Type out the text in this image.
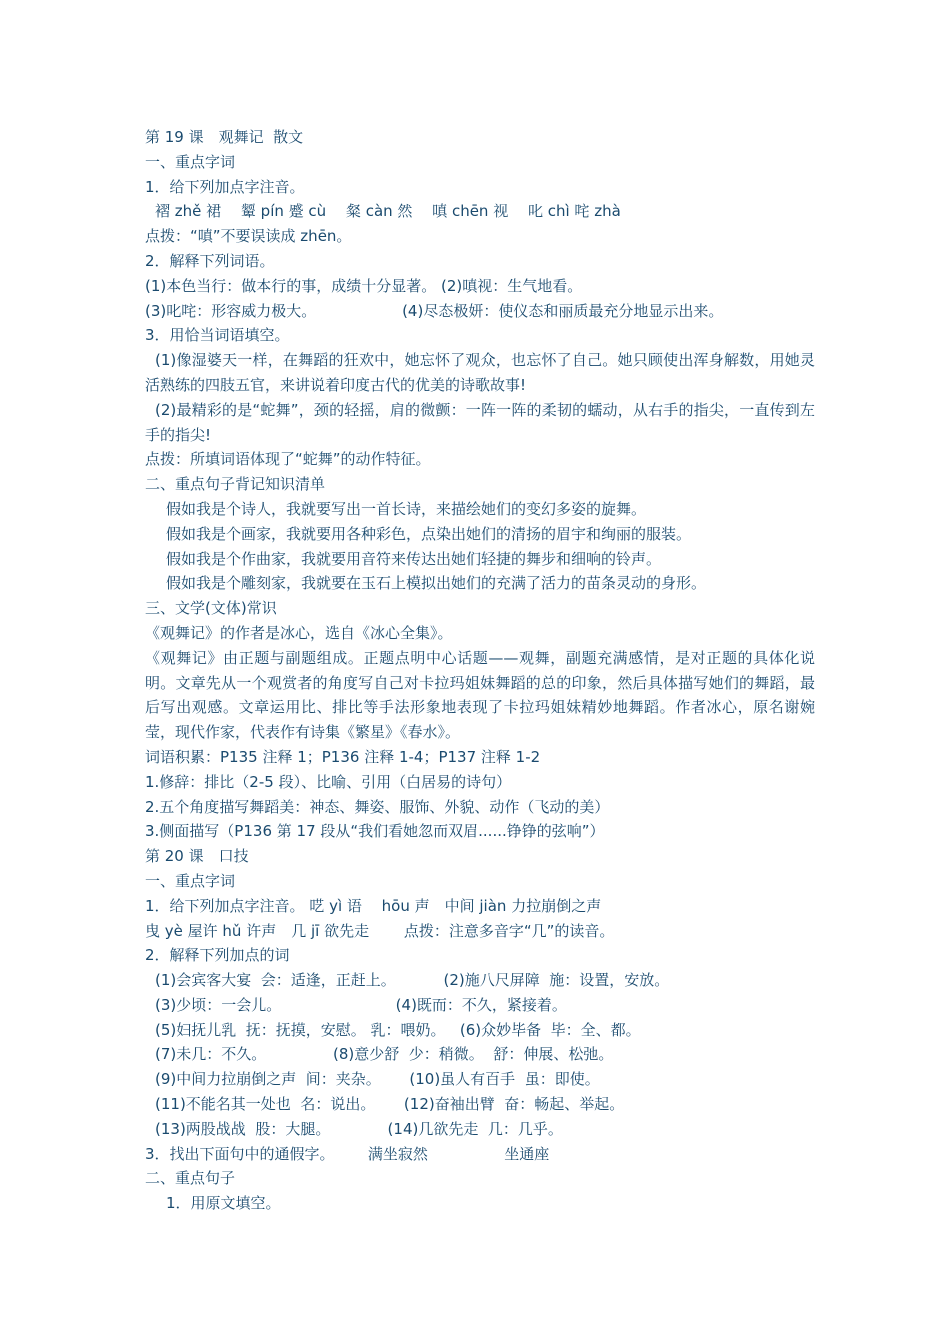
第 19 课　观舞记  散文
一、重点字词
1．给下列加点字注音。
褶 zhě 裙　 颦 pín 蹙 cù　 粲 càn 然　 嗔 chēn 视　 叱 chì 咤 zhà
点拨：“嗔”不要误读成 zhēn。
2．解释下列词语。
(1)本色当行：做本行的事，成绩十分显著。 (2)嗔视：生气地看。
(3)叱咤：形容威力极大。                  (4)尽态极妍：使仪态和丽质最充分地显示出来。
3．用恰当词语填空。
(1)像湿婆天一样，在舞蹈的狂欢中，她忘怀了观众，也忘怀了自己。她只顾使出浑身解数，用她灵活熟练的四肢五官，来讲说着印度古代的优美的诗歌故事!
(2)最精彩的是“蛇舞”，颈的轻摇，肩的微颤：一阵一阵的柔韧的蠕动，从右手的指尖，一直传到左手的指尖!
点拨：所填词语体现了“蛇舞”的动作特征。
二、重点句子背记知识清单
假如我是个诗人，我就要写出一首长诗，来描绘她们的变幻多姿的旋舞。
假如我是个画家，我就要用各种彩色，点染出她们的清扬的眉宇和绚丽的服装。
假如我是个作曲家，我就要用音符来传达出她们轻捷的舞步和细响的铃声。
假如我是个雕刻家，我就要在玉石上模拟出她们的充满了活力的苗条灵动的身形。
三、文学(文体)常识
《观舞记》的作者是冰心，选自《冰心全集》。
《观舞记》由正题与副题组成。正题点明中心话题——观舞，副题充满感情，是对正题的具体化说明。文章先从一个观赏者的角度写自己对卡拉玛姐妹舞蹈的总的印象，然后具体描写她们的舞蹈，最后写出观感。文章运用比、排比等手法形象地表现了卡拉玛姐妹精妙地舞蹈。作者冰心，原名谢婉莹，现代作家，代表作有诗集《繁星》《春水》。
词语积累：P135 注释 1；P136 注释 1-4；P137 注释 1-2
1.修辞：排比（2-5 段）、比喻、引用（白居易的诗句）
2.五个角度描写舞蹈美：神态、舞姿、服饰、外貌、动作（飞动的美）
3.侧面描写（P136 第 17 段从“我们看她忽而双眉......铮铮的弦响”）
第 20 课　口技
一、重点字词
1．给下列加点字注音。 呓 yì 语　 hōu 声　中间 jiàn 力拉崩倒之声
曳 yè 屋许 hǔ 许声　几 jī 欲先走　　 点拨：注意多音字“几”的读音。
2．解释下列加点的词
(1)会宾客大宴  会：适逢，正赶上。          (2)施八尺屏障  施：设置，安放。
(3)少顷：一会儿。                        (4)既而：不久，紧接着。
(5)妇抚儿乳  抚：抚摸，安慰。 乳：喂奶。   (6)众妙毕备  毕：全、都。
(7)未几：不久。              (8)意少舒  少：稍微。  舒：伸展、松弛。
(9)中间力拉崩倒之声  间：夹杂。      (10)虽人有百手  虽：即使。
(11)不能名其一处也  名：说出。      (12)奋袖出臂  奋：畅起、举起。
(13)两股战战  股：大腿。            (14)几欲先走  几：几乎。
3．找出下面句中的通假字。       满坐寂然                坐通座
二、重点句子
1．用原文填空。
